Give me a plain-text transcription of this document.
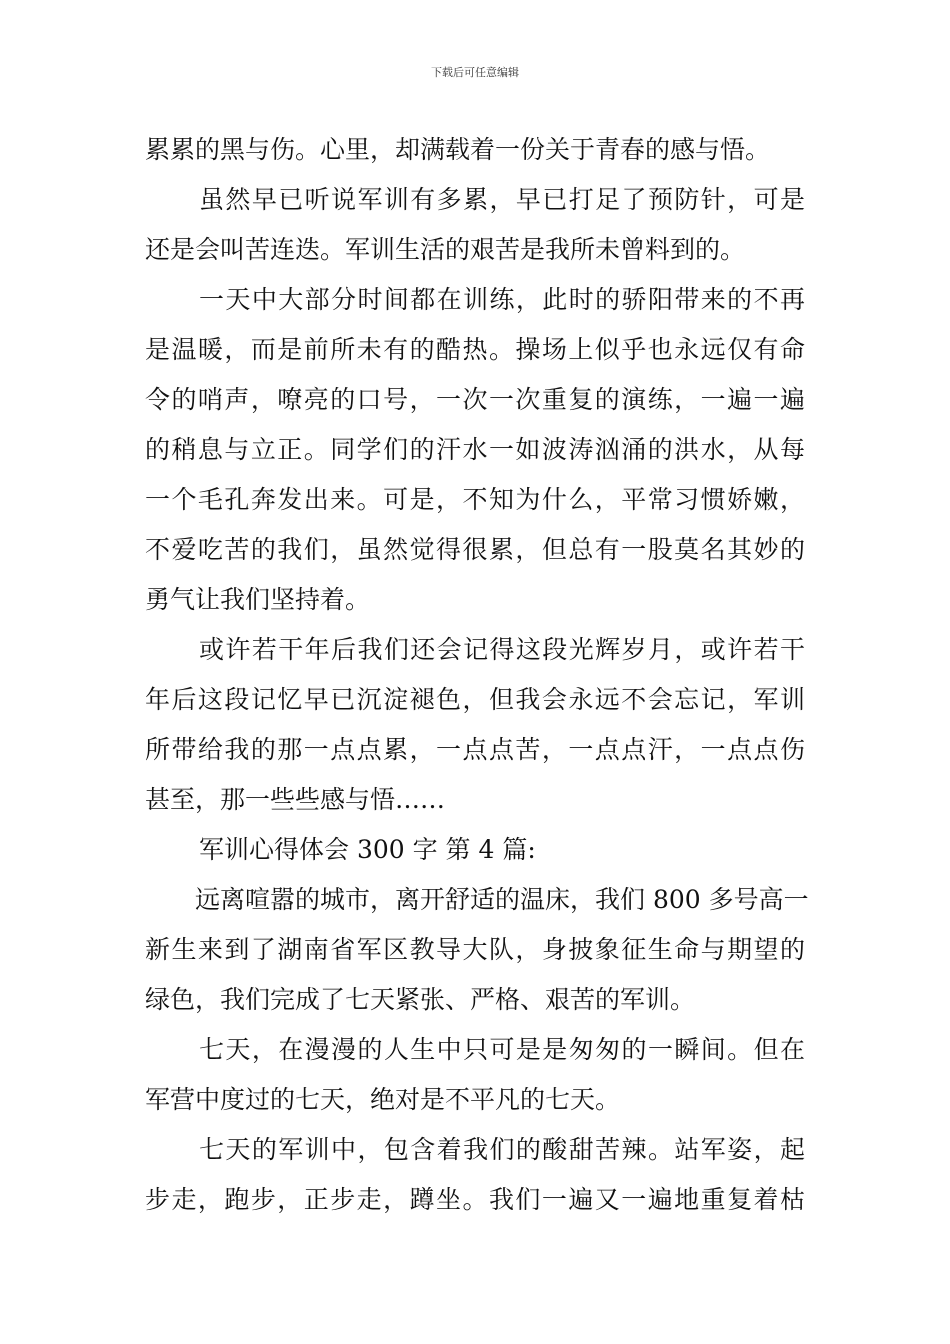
下载后可任意编辑
累累的黑与伤。心里，却满载着一份关于青春的感与悟。
虽然早已听说军训有多累，早已打足了预防针，可是
还是会叫苦连迭。军训生活的艰苦是我所未曾料到的。
一天中大部分时间都在训练，此时的骄阳带来的不再
是温暖，而是前所未有的酷热。操场上似乎也永远仅有命
令的哨声，嘹亮的口号，一次一次重复的演练，一遍一遍
的稍息与立正。同学们的汗水一如波涛汹涌的洪水，从每
一个毛孔奔发出来。可是，不知为什么，平常习惯娇嫩，
不爱吃苦的我们，虽然觉得很累，但总有一股莫名其妙的
勇气让我们坚持着。
或许若干年后我们还会记得这段光辉岁月，或许若干
年后这段记忆早已沉淀褪色，但我会永远不会忘记，军训
所带给我的那一点点累，一点点苦，一点点汗，一点点伤
甚至，那一些些感与悟……
军训心得体会 300 字 第 4 篇:
远离喧嚣的城市，离开舒适的温床，我们 800 多号高一
新生来到了湖南省军区教导大队，身披象征生命与期望的
绿色，我们完成了七天紧张、严格、艰苦的军训。
七天，在漫漫的人生中只可是是匆匆的一瞬间。但在
军营中度过的七天，绝对是不平凡的七天。
七天的军训中，包含着我们的酸甜苦辣。站军姿，起
步走，跑步，正步走，蹲坐。我们一遍又一遍地重复着枯
